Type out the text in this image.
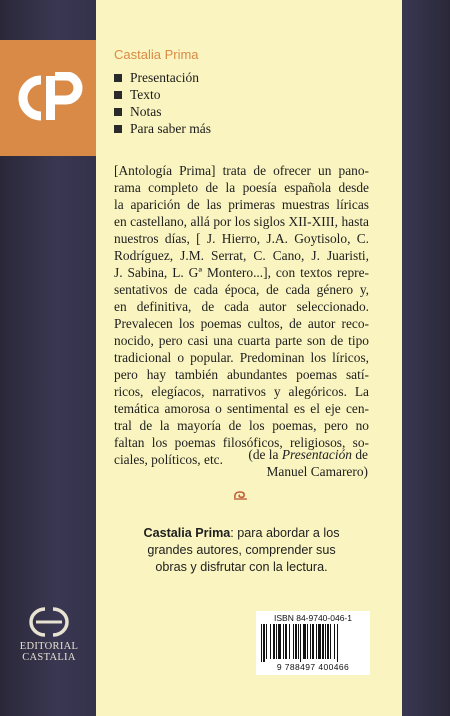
Castalia Prima
Presentación
Texto
Notas
Para saber más

[Antología Prima] trata de ofrecer un pano-
rama completo de la poesía española desde
la aparición de las primeras muestras líricas
en castellano, allá por los siglos XII-XIII, hasta
nuestros días, [ J. Hierro, J.A. Goytisolo, C.
Rodríguez, J.M. Serrat, C. Cano, J. Juaristi,
J. Sabina, L. Gª Montero...], con textos repre-
sentativos de cada época, de cada género y,
en definitiva, de cada autor seleccionado.
Prevalecen los poemas cultos, de autor reco-
nocido, pero casi una cuarta parte son de tipo
tradicional o popular. Predominan los líricos,
pero hay también abundantes poemas satí-
ricos, elegíacos, narrativos y alegóricos. La
temática amorosa o sentimental es el eje cen-
tral de la mayoría de los poemas, pero no
faltan los poemas filosóficos, religiosos, so-
ciales, políticos, etc.	(de la Presentación de
Manuel Camarero)
Castalia Prima: para abordar a los
grandes autores, comprender sus
obras y disfrutar con la lectura.
EDITORIAL
CASTALIA
ISBN 84-9740-046-1
9 788497 400466
